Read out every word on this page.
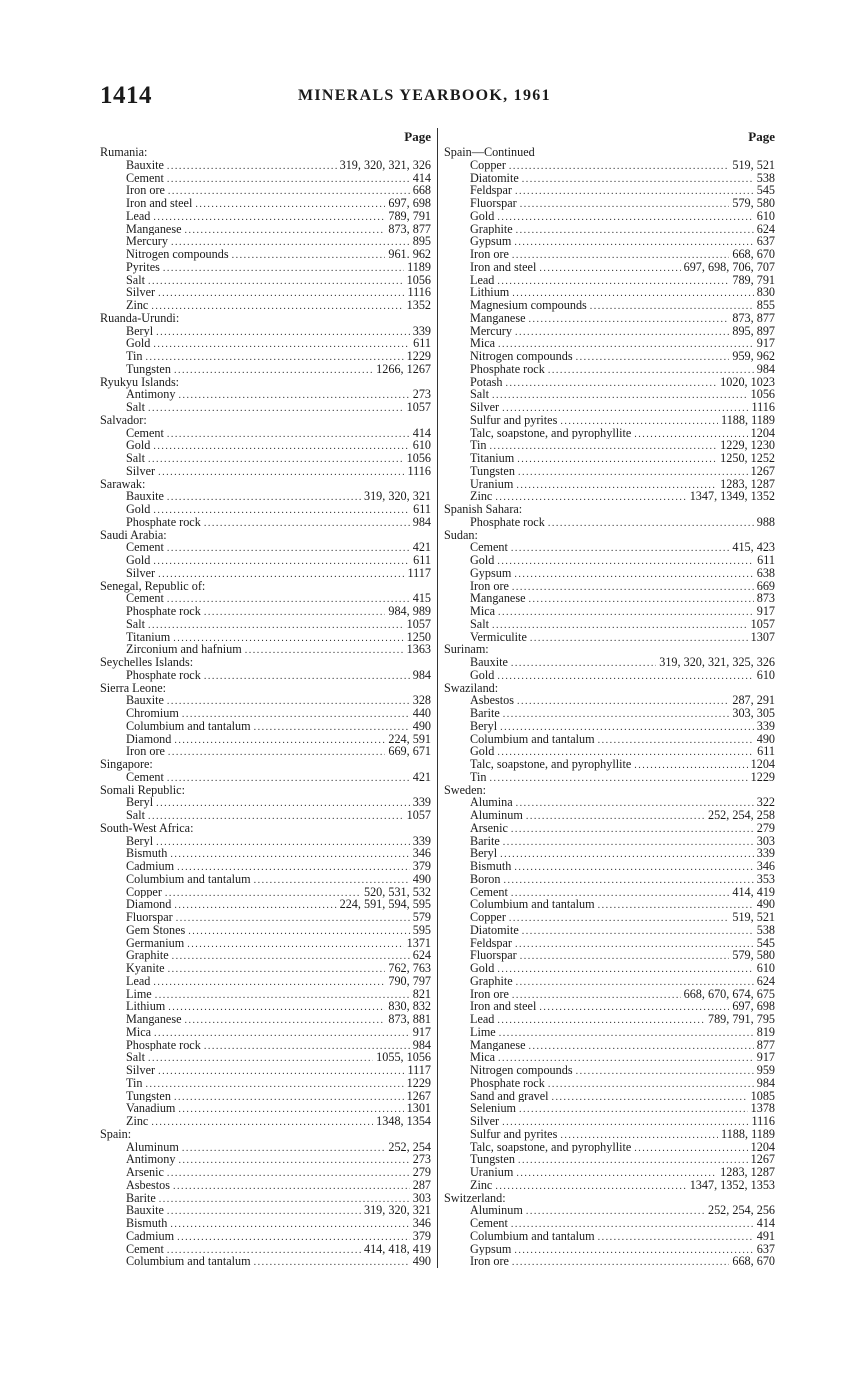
1414	MINERALS YEARBOOK, 1961
Page
Rumania:
Bauxite .....	319, 320, 321, 326
Cement .....	414
Iron ore .....	668
Iron and steel .....	697, 698
Lead .....	789, 791
Manganese .....	873, 877
Mercury .....	895
Nitrogen compounds .....	961. 962
Pyrites .....	1189
Salt .....	1056
Silver .....	1116
Zinc .....	1352
Ruanda-Urundi:
Beryl .....	339
Gold .....	611
Tin .....	1229
Tungsten .....	1266, 1267
Ryukyu Islands:
Antimony .....	273
Salt .....	1057
Salvador:
Cement .....	414
Gold .....	610
Salt .....	1056
Silver .....	1116
Sarawak:
Bauxite .....	319, 320, 321
Gold .....	611
Phosphate rock .....	984
Saudi Arabia:
Cement .....	421
Gold .....	611
Silver .....	1117
Senegal, Republic of:
Cement .....	415
Phosphate rock .....	984, 989
Salt .....	1057
Titanium .....	1250
Zirconium and hafnium .....	1363
Seychelles Islands:
Phosphate rock .....	984
Sierra Leone:
Bauxite .....	328
Chromium .....	440
Columbium and tantalum .....	490
Diamond .....	224, 591
Iron ore .....	669, 671
Singapore:
Cement .....	421
Somali Republic:
Beryl .....	339
Salt .....	1057
South-West Africa:
Beryl .....	339
Bismuth .....	346
Cadmium .....	379
Columbium and tantalum .....	490
Copper .....	520, 531, 532
Diamond .....	224, 591, 594, 595
Fluorspar .....	579
Gem Stones .....	595
Germanium .....	1371
Graphite .....	624
Kyanite .....	762, 763
Lead .....	790, 797
Lime .....	821
Lithium .....	830, 832
Manganese .....	873, 881
Mica .....	917
Phosphate rock .....	984
Salt .....	1055, 1056
Silver .....	1117
Tin .....	1229
Tungsten .....	1267
Vanadium .....	1301
Zinc .....	1348, 1354
Spain:
Aluminum .....	252, 254
Antimony .....	273
Arsenic .....	279
Asbestos .....	287
Barite .....	303
Bauxite .....	319, 320, 321
Bismuth .....	346
Cadmium .....	379
Cement .....	414, 418, 419
Columbium and tantalum .....	490
Page
Spain—Continued
Copper .....	519, 521
Diatomite .....	538
Feldspar .....	545
Fluorspar .....	579, 580
Gold .....	610
Graphite .....	624
Gypsum .....	637
Iron ore .....	668, 670
Iron and steel .....	697, 698, 706, 707
Lead .....	789, 791
Lithium .....	830
Magnesium compounds .....	855
Manganese .....	873, 877
Mercury .....	895, 897
Mica .....	917
Nitrogen compounds .....	959, 962
Phosphate rock .....	984
Potash .....	1020, 1023
Salt .....	1056
Silver .....	1116
Sulfur and pyrites .....	1188, 1189
Talc, soapstone, and pyrophyllite .....	1204
Tin .....	1229, 1230
Titanium .....	1250, 1252
Tungsten .....	1267
Uranium .....	1283, 1287
Zinc .....	1347, 1349, 1352
Spanish Sahara:
Phosphate rock .....	988
Sudan:
Cement .....	415, 423
Gold .....	611
Gypsum .....	638
Iron ore .....	669
Manganese .....	873
Mica .....	917
Salt .....	1057
Vermiculite .....	1307
Surinam:
Bauxite .....	319, 320, 321, 325, 326
Gold .....	610
Swaziland:
Asbestos .....	287, 291
Barite .....	303, 305
Beryl .....	339
Columbium and tantalum .....	490
Gold .....	611
Talc, soapstone, and pyrophyllite .....	1204
Tin .....	1229
Sweden:
Alumina .....	322
Aluminum .....	252, 254, 258
Arsenic .....	279
Barite .....	303
Beryl .....	339
Bismuth .....	346
Boron .....	353
Cement .....	414, 419
Columbium and tantalum .....	490
Copper .....	519, 521
Diatomite .....	538
Feldspar .....	545
Fluorspar .....	579, 580
Gold .....	610
Graphite .....	624
Iron ore .....	668, 670, 674, 675
Iron and steel .....	697, 698
Lead .....	789, 791, 795
Lime .....	819
Manganese .....	877
Mica .....	917
Nitrogen compounds .....	959
Phosphate rock .....	984
Sand and gravel .....	1085
Selenium .....	1378
Silver .....	1116
Sulfur and pyrites .....	1188, 1189
Talc, soapstone, and pyrophyllite .....	1204
Tungsten .....	1267
Uranium .....	1283, 1287
Zinc .....	1347, 1352, 1353
Switzerland:
Aluminum .....	252, 254, 256
Cement .....	414
Columbium and tantalum .....	491
Gypsum .....	637
Iron ore .....	668, 670
